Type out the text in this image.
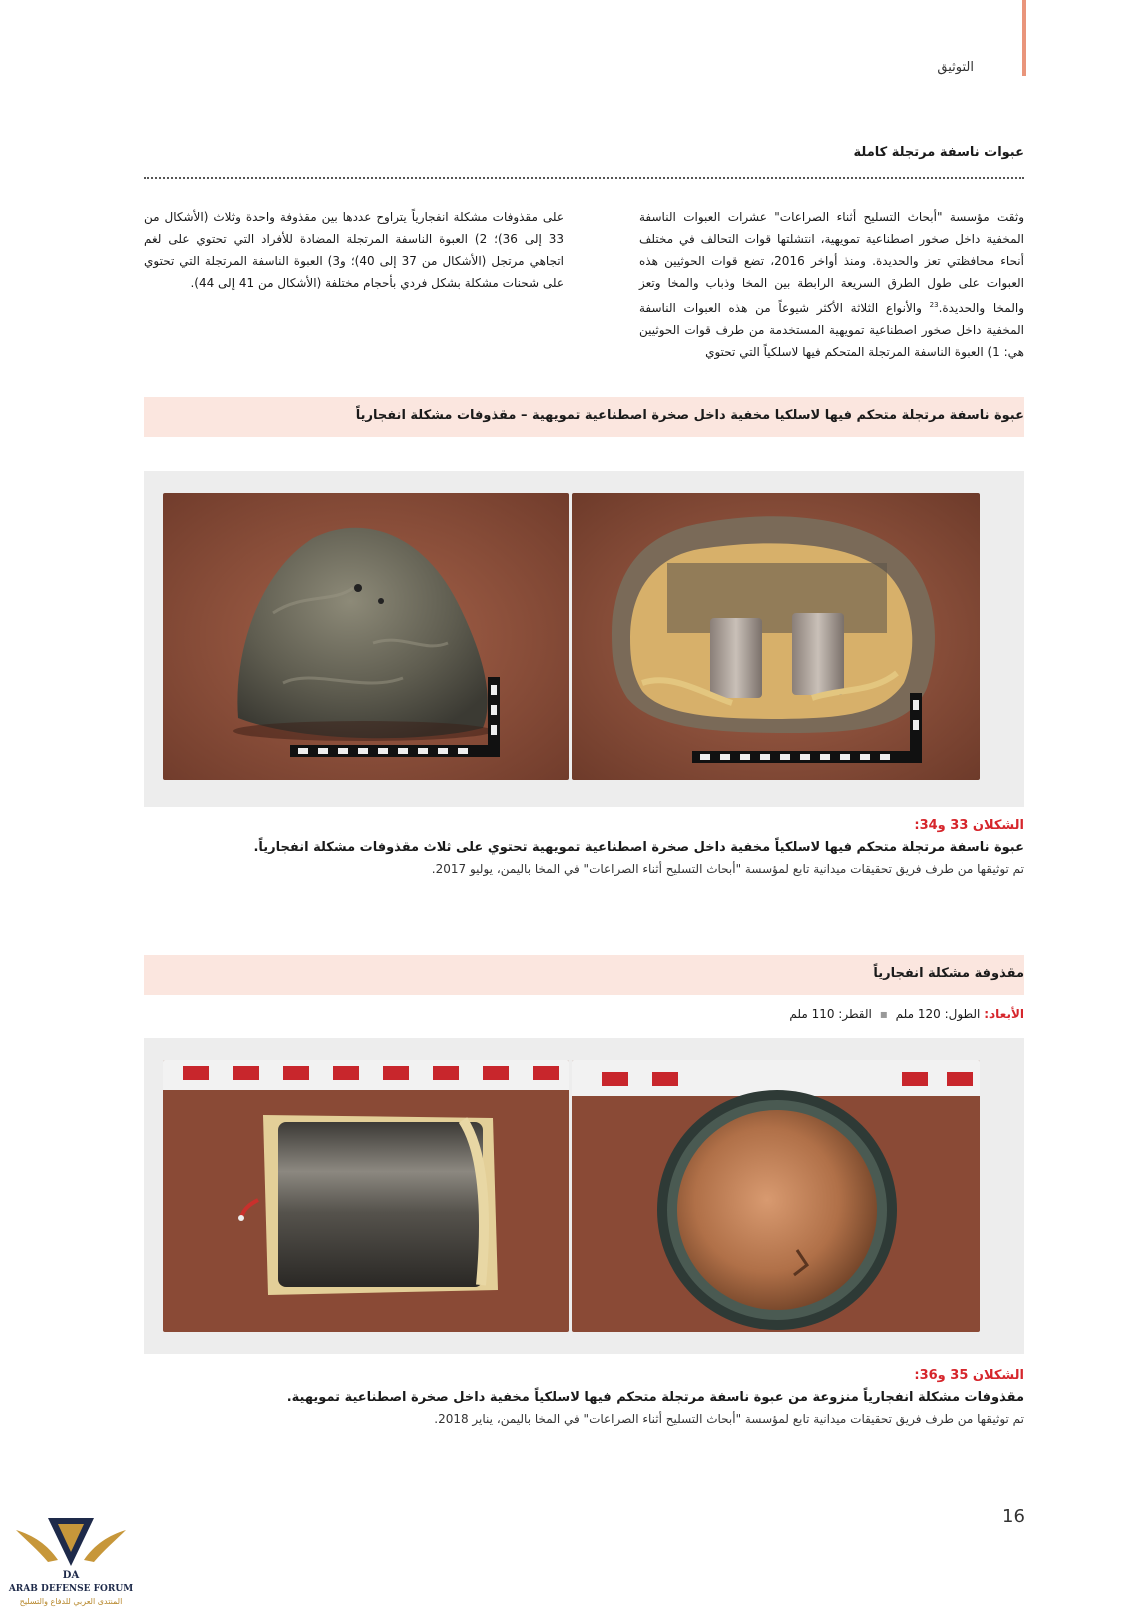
التوثيق
عبوات ناسفة مرتجلة كاملة
وثقت مؤسسة "أبحاث التسليح أثناء الصراعات" عشرات العبوات الناسفة المخفية داخل صخور اصطناعية تمويهية، انتشلتها قوات التحالف في مختلف أنحاء محافظتي تعز والحديدة. ومنذ أواخر 2016، تضع قوات الحوثيين هذه العبوات على طول الطرق السريعة الرابطة بين المخا وذباب والمخا وتعز والمخا والحديدة.$^{23}$ والأنواع الثلاثة الأكثر شيوعاً من هذه العبوات الناسفة المخفية داخل صخور اصطناعية تمويهية المستخدمة من طرف قوات الحوثيين هي: 1) العبوة الناسفة المرتجلة المتحكم فيها لاسلكياً التي تحتوي
على مقذوفات مشكلة انفجارياً يتراوح عددها بين مقذوفة واحدة وثلاث (الأشكال من 33 إلى 36)؛ 2) العبوة الناسفة المرتجلة المضادة للأفراد التي تحتوي على لغم اتجاهي مرتجل (الأشكال من 37 إلى 40)؛ و3) العبوة الناسفة المرتجلة التي تحتوي على شحنات مشكلة بشكل فردي بأحجام مختلفة (الأشكال من 41 إلى 44).
عبوة ناسفة مرتجلة متحكم فيها لاسلكيا مخفية داخل صخرة اصطناعية تمويهية – مقذوفات مشكلة انفجارياً
الشكلان 33 و34:
عبوة ناسفة مرتجلة متحكم فيها لاسلكياً مخفية داخل صخرة اصطناعية تمويهية تحتوي على ثلاث مقذوفات مشكلة انفجارياً.
تم توثيقها من طرف فريق تحقيقات ميدانية تابع لمؤسسة "أبحاث التسليح أثناء الصراعات" في المخا باليمن، يوليو 2017.
مقذوفة مشكلة انفجارياً
الأبعاد: الطول: 120 ملم ▪ القطر: 110 ملم
الشكلان 35 و36:
مقذوفات مشكلة انفجارياً منزوعة من عبوة ناسفة مرتجلة متحكم فيها لاسلكياً مخفية داخل صخرة اصطناعية تمويهية.
تم توثيقها من طرف فريق تحقيقات ميدانية تابع لمؤسسة "أبحاث التسليح أثناء الصراعات" في المخا باليمن، يناير 2018.
16
DA
ARAB DEFENSE FORUM
المنتدى العربي للدفاع والتسليح
